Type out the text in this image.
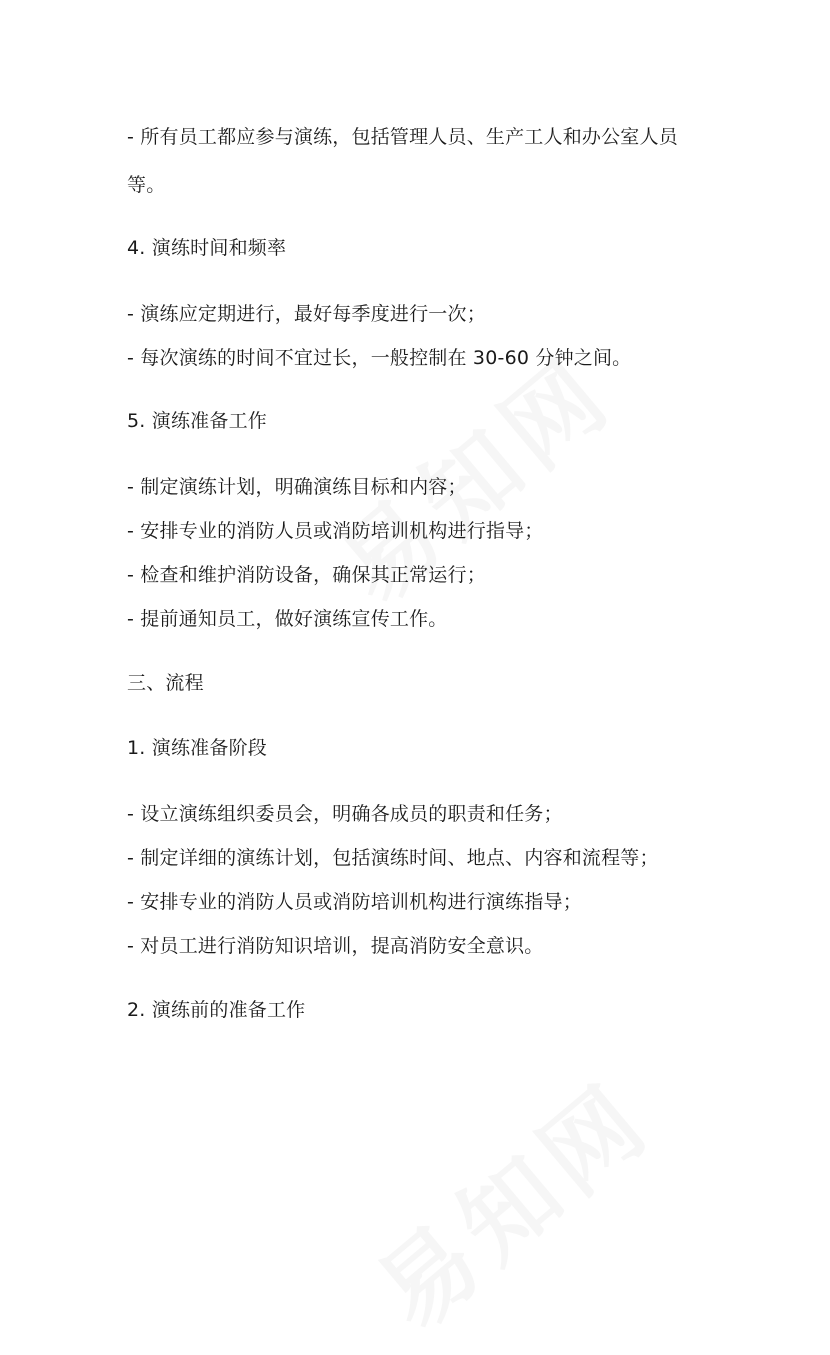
- 所有员工都应参与演练，包括管理人员、生产工人和办公室人员
等。
4. 演练时间和频率
- 演练应定期进行，最好每季度进行一次；
- 每次演练的时间不宜过长，一般控制在 30-60 分钟之间。
5. 演练准备工作
- 制定演练计划，明确演练目标和内容；
- 安排专业的消防人员或消防培训机构进行指导；
- 检查和维护消防设备，确保其正常运行；
- 提前通知员工，做好演练宣传工作。
三、流程
1. 演练准备阶段
- 设立演练组织委员会，明确各成员的职责和任务；
- 制定详细的演练计划，包括演练时间、地点、内容和流程等；
- 安排专业的消防人员或消防培训机构进行演练指导；
- 对员工进行消防知识培训，提高消防安全意识。
2. 演练前的准备工作
